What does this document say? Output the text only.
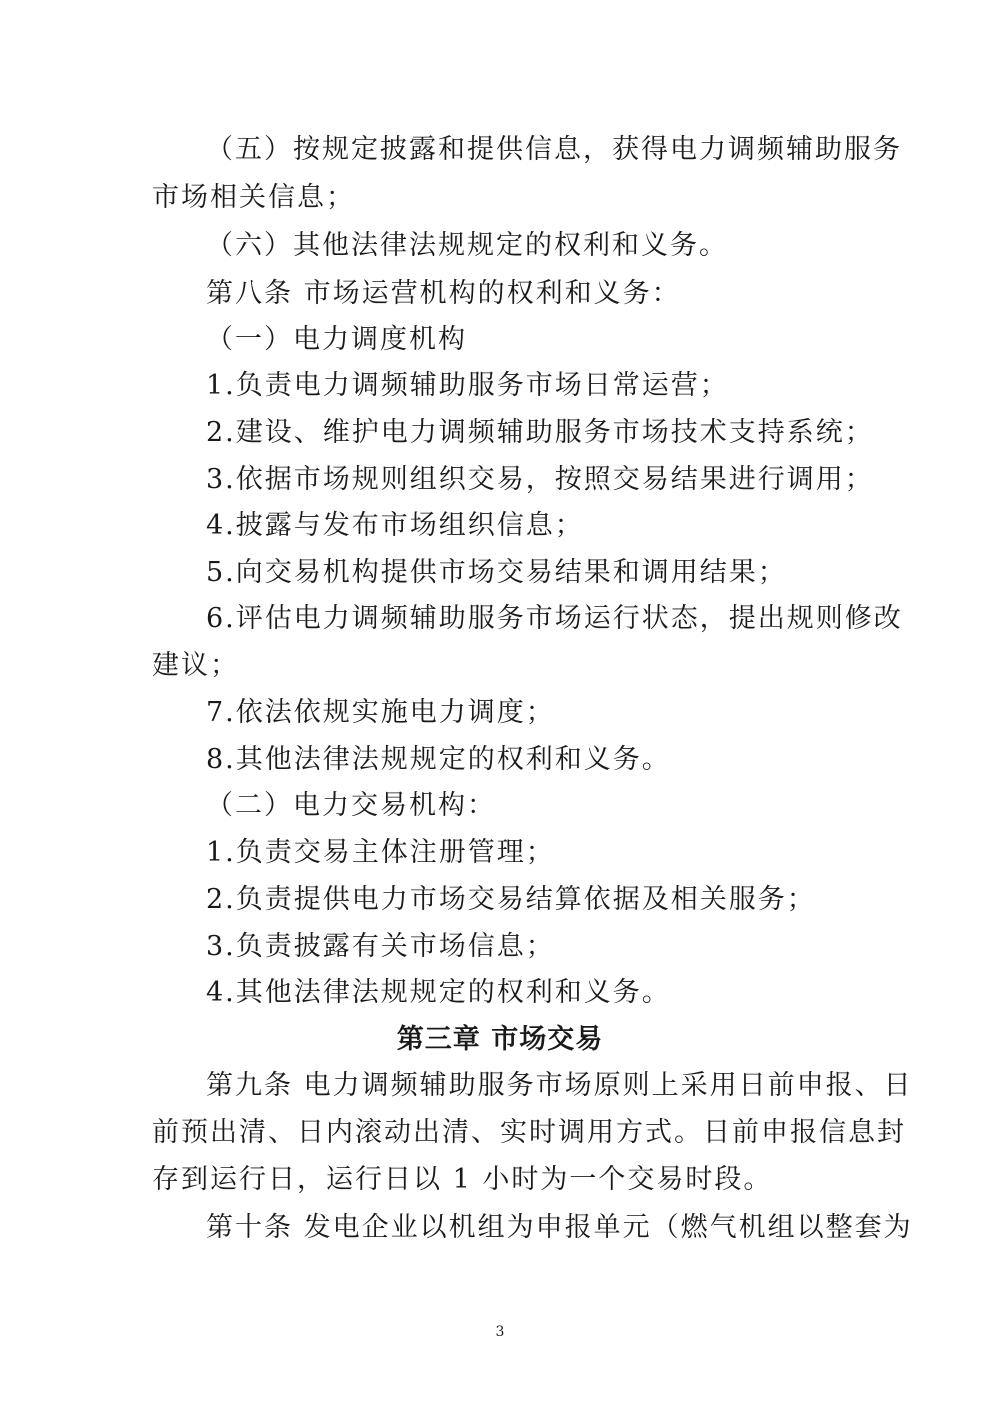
（五）按规定披露和提供信息，获得电力调频辅助服务
市场相关信息；
（六）其他法律法规规定的权利和义务。
第八条 市场运营机构的权利和义务：
（一）电力调度机构
1.负责电力调频辅助服务市场日常运营；
2.建设、维护电力调频辅助服务市场技术支持系统；
3.依据市场规则组织交易，按照交易结果进行调用；
4.披露与发布市场组织信息；
5.向交易机构提供市场交易结果和调用结果；
6.评估电力调频辅助服务市场运行状态，提出规则修改
建议；
7.依法依规实施电力调度；
8.其他法律法规规定的权利和义务。
（二）电力交易机构：
1.负责交易主体注册管理；
2.负责提供电力市场交易结算依据及相关服务；
3.负责披露有关市场信息；
4.其他法律法规规定的权利和义务。
第三章 市场交易
第九条 电力调频辅助服务市场原则上采用日前申报、日
前预出清、日内滚动出清、实时调用方式。日前申报信息封
存到运行日，运行日以 1 小时为一个交易时段。
第十条 发电企业以机组为申报单元（燃气机组以整套为
3
